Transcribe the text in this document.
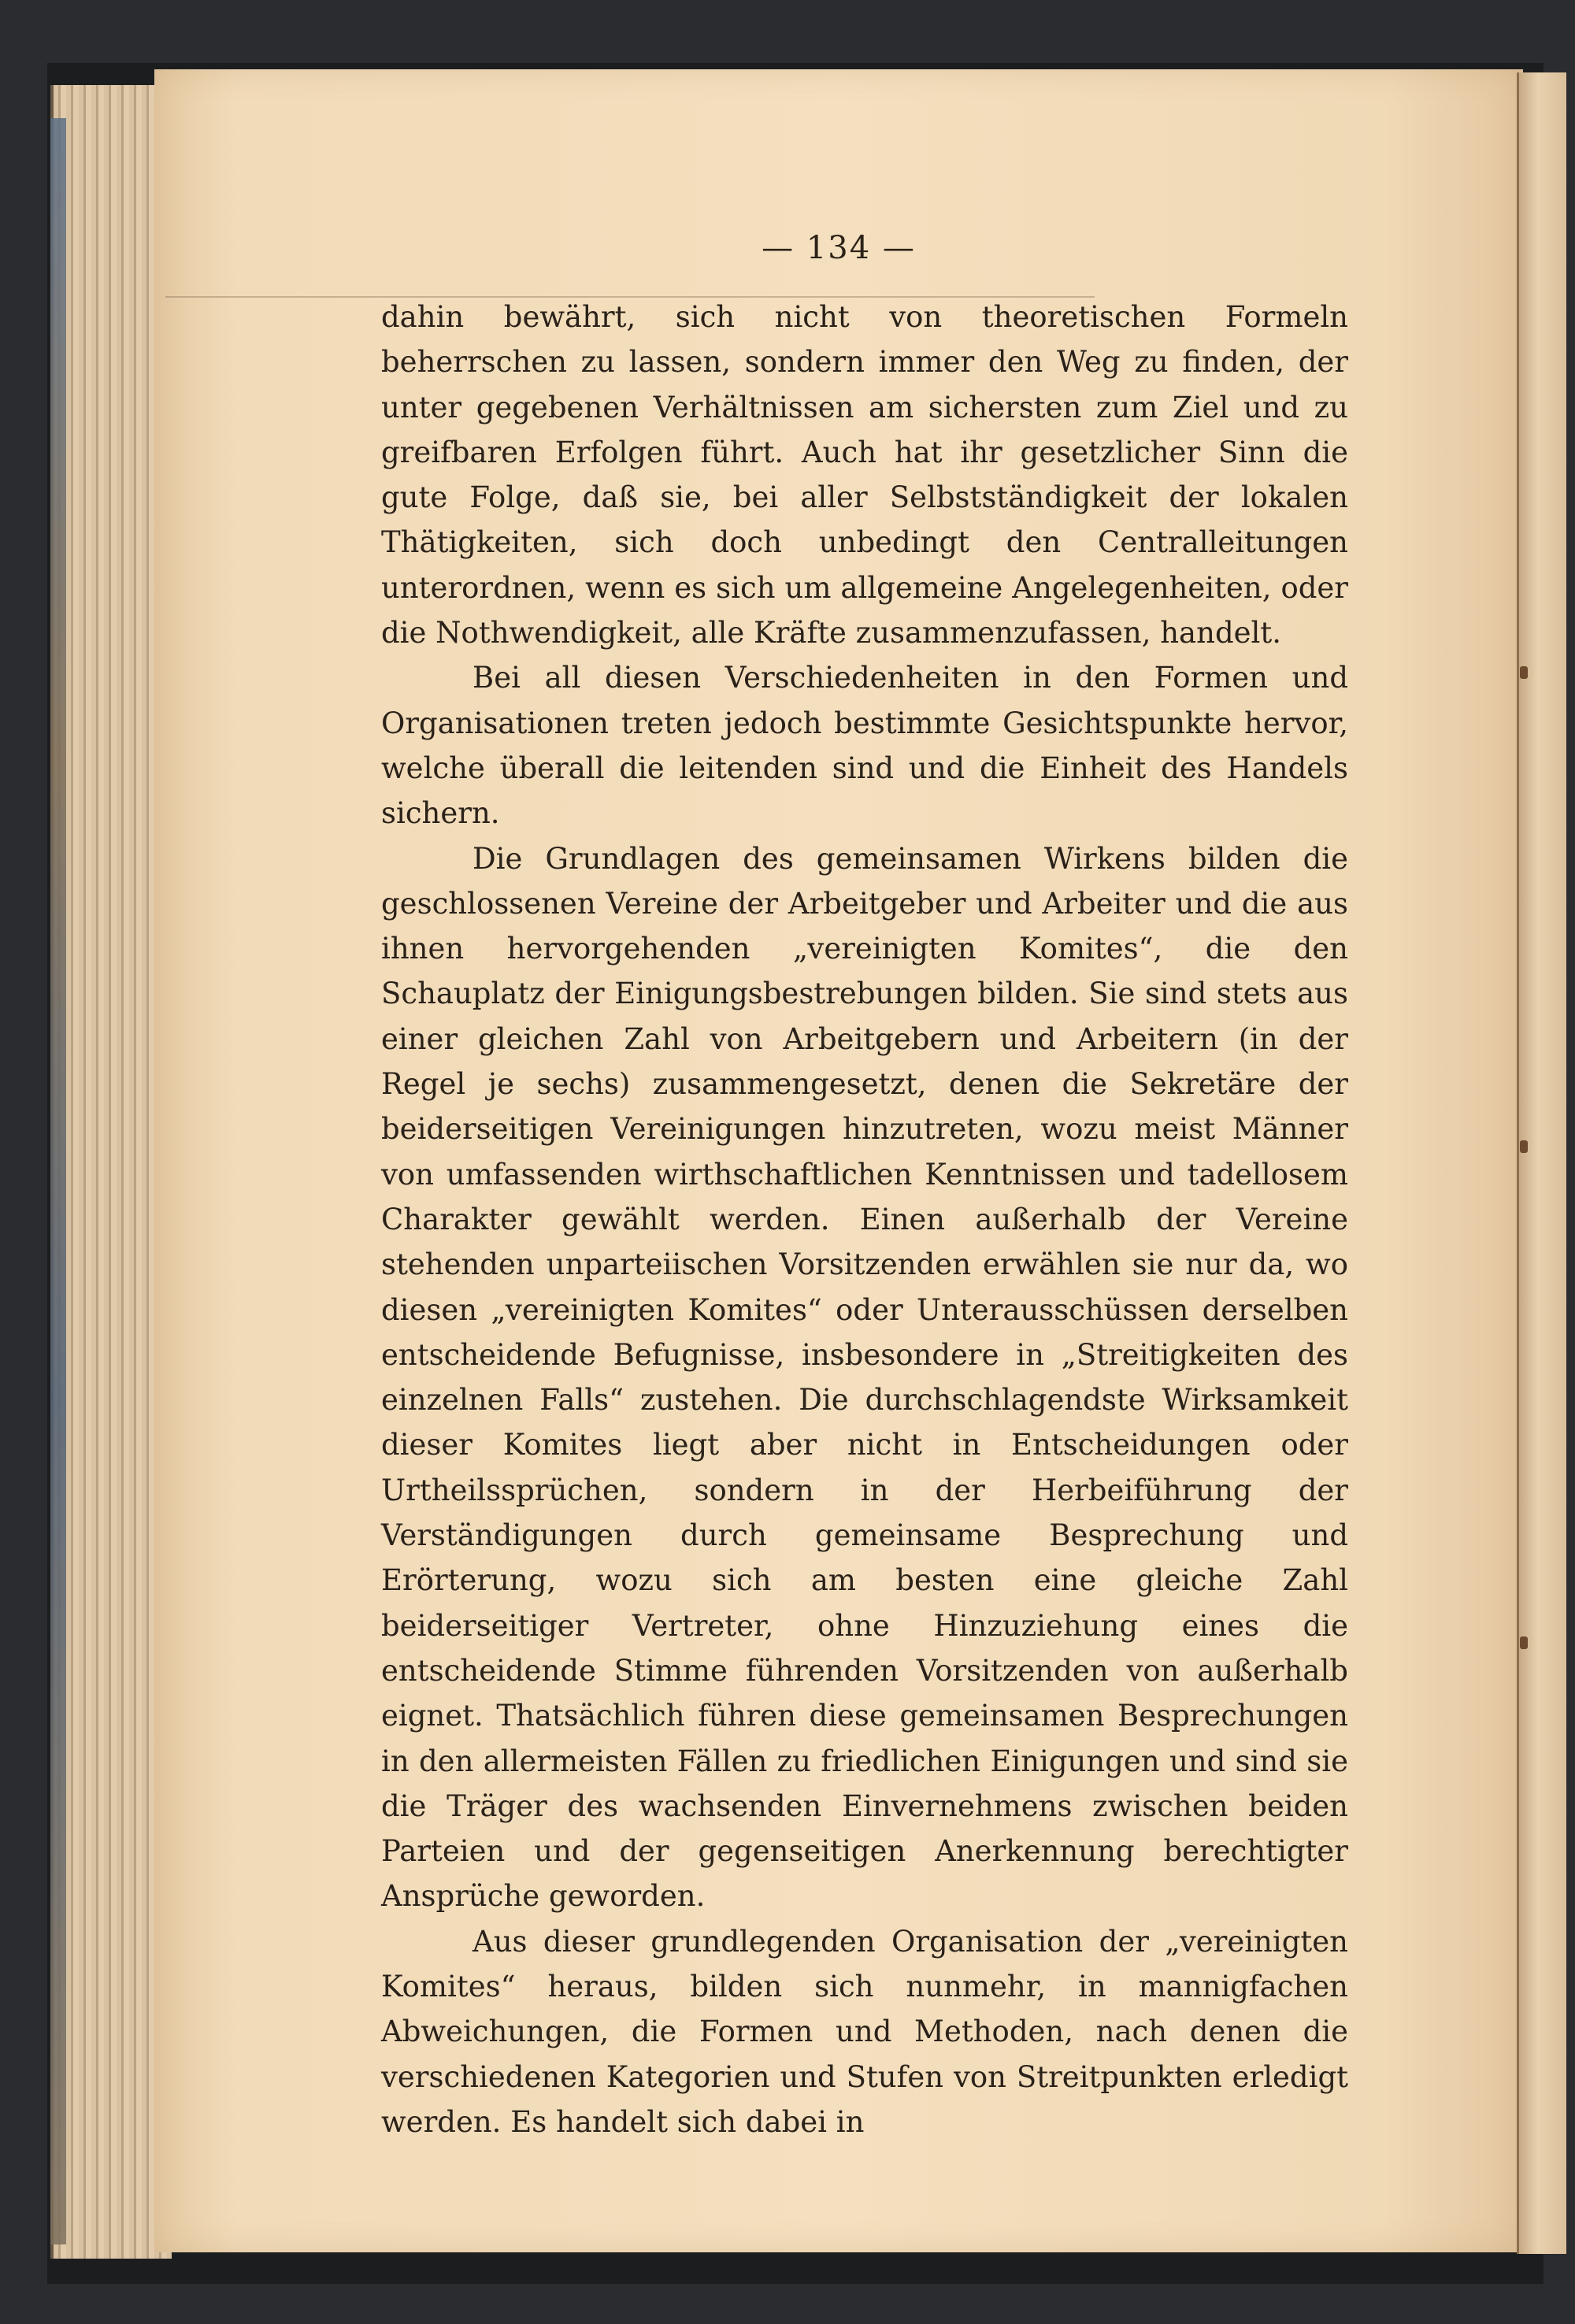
— 134 —

dahin bewährt, sich nicht von theoretischen Formeln beherrschen zu lassen, sondern immer den Weg zu finden, der unter gegebenen Verhältnissen am sichersten zum Ziel und zu greifbaren Erfolgen führt. Auch hat ihr gesetzlicher Sinn die gute Folge, daß sie, bei aller Selbstständigkeit der lokalen Thätigkeiten, sich doch unbedingt den Centralleitungen unterordnen, wenn es sich um allgemeine Angelegenheiten, oder die Nothwendigkeit, alle Kräfte zusammenzufassen, handelt.

Bei all diesen Verschiedenheiten in den Formen und Organisationen treten jedoch bestimmte Gesichtspunkte hervor, welche überall die leitenden sind und die Einheit des Handels sichern.

Die Grundlagen des gemeinsamen Wirkens bilden die geschlossenen Vereine der Arbeitgeber und Arbeiter und die aus ihnen hervorgehenden „vereinigten Komites“, die den Schauplatz der Einigungsbestrebungen bilden. Sie sind stets aus einer gleichen Zahl von Arbeitgebern und Arbeitern (in der Regel je sechs) zusammengesetzt, denen die Sekretäre der beiderseitigen Vereinigungen hinzutreten, wozu meist Männer von umfassenden wirthschaftlichen Kenntnissen und tadellosem Charakter gewählt werden. Einen außerhalb der Vereine stehenden unparteiischen Vorsitzenden erwählen sie nur da, wo diesen „vereinigten Komites“ oder Unterausschüssen derselben entscheidende Befugnisse, insbesondere in „Streitigkeiten des einzelnen Falls“ zustehen. Die durchschlagendste Wirksamkeit dieser Komites liegt aber nicht in Entscheidungen oder Urtheilssprüchen, sondern in der Herbeiführung der Verständigungen durch gemeinsame Besprechung und Erörterung, wozu sich am besten eine gleiche Zahl beiderseitiger Vertreter, ohne Hinzuziehung eines die entscheidende Stimme führenden Vorsitzenden von außerhalb eignet. Thatsächlich führen diese gemeinsamen Besprechungen in den allermeisten Fällen zu friedlichen Einigungen und sind sie die Träger des wachsenden Einvernehmens zwischen beiden Parteien und der gegenseitigen Anerkennung berechtigter Ansprüche geworden.

Aus dieser grundlegenden Organisation der „vereinigten Komites“ heraus, bilden sich nunmehr, in mannigfachen Abweichungen, die Formen und Methoden, nach denen die verschiedenen Kategorien und Stufen von Streitpunkten erledigt werden. Es handelt sich dabei in
